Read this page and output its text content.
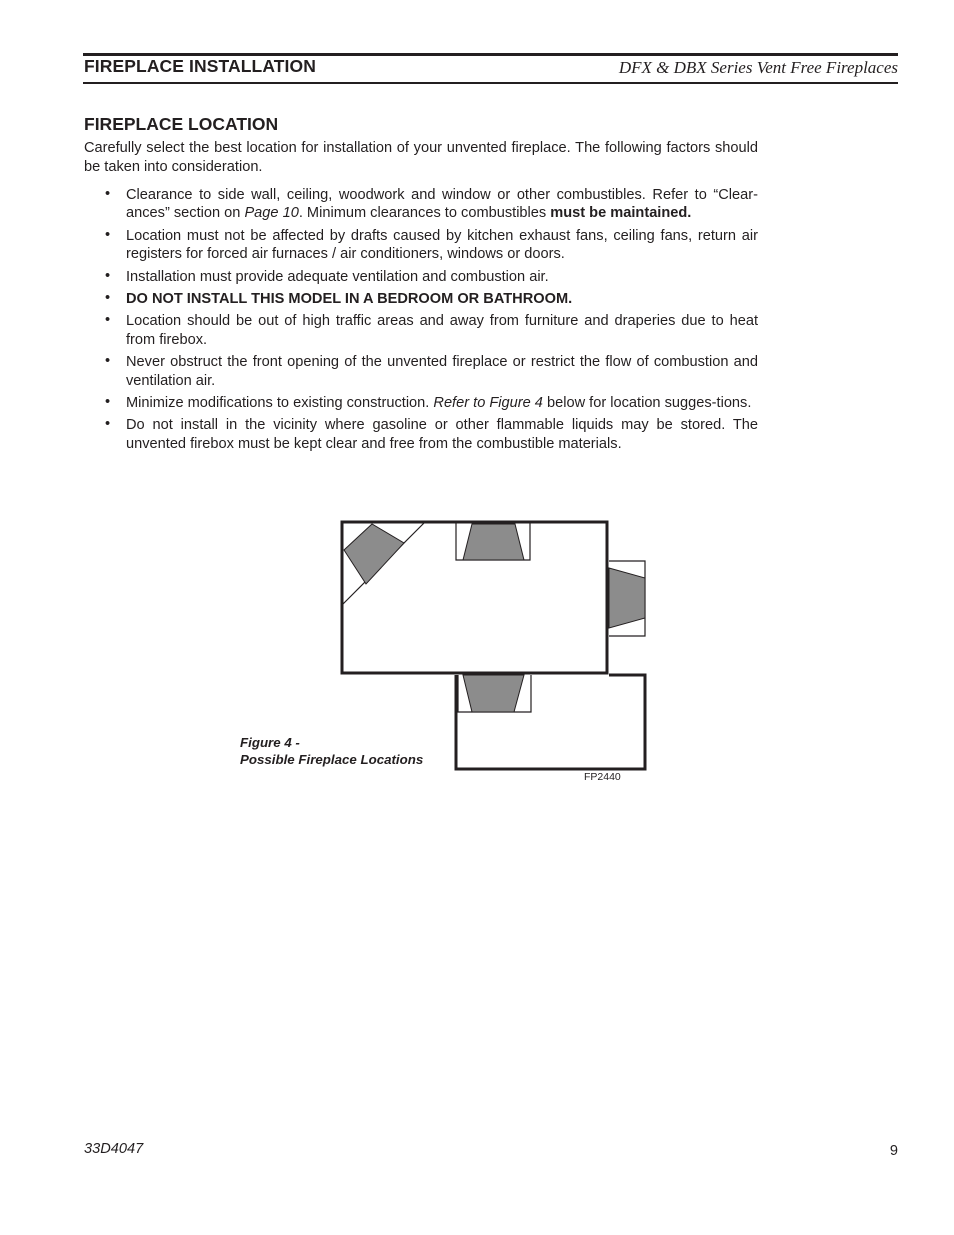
FIREPLACE INSTALLATION	DFX & DBX Series Vent Free Fireplaces
FIREPLACE LOCATION
Carefully select the best location for installation of your unvented fireplace. The following factors should be taken into consideration.
• Clearance to side wall, ceiling, woodwork and window or other combustibles. Refer to “Clear-ances” section on Page 10. Minimum clearances to combustibles must be maintained.
• Location must not be affected by drafts caused by kitchen exhaust fans, ceiling fans, return air registers for forced air furnaces / air conditioners, windows or doors.
• Installation must provide adequate ventilation and combustion air.
• DO NOT INSTALL THIS MODEL IN A BEDROOM OR BATHROOM.
• Location should be out of high traffic areas and away from furniture and draperies due to heat from firebox.
• Never obstruct the front opening of the unvented fireplace or restrict the flow of combustion and ventilation air.
• Minimize modifications to existing construction. Refer to Figure 4 below for location sugges-tions.
• Do not install in the vicinity where gasoline or other flammable liquids may be stored. The unvented firebox must be kept clear and free from the combustible materials.
Figure 4 -
Possible Fireplace Locations
FP2440
33D4047	9
